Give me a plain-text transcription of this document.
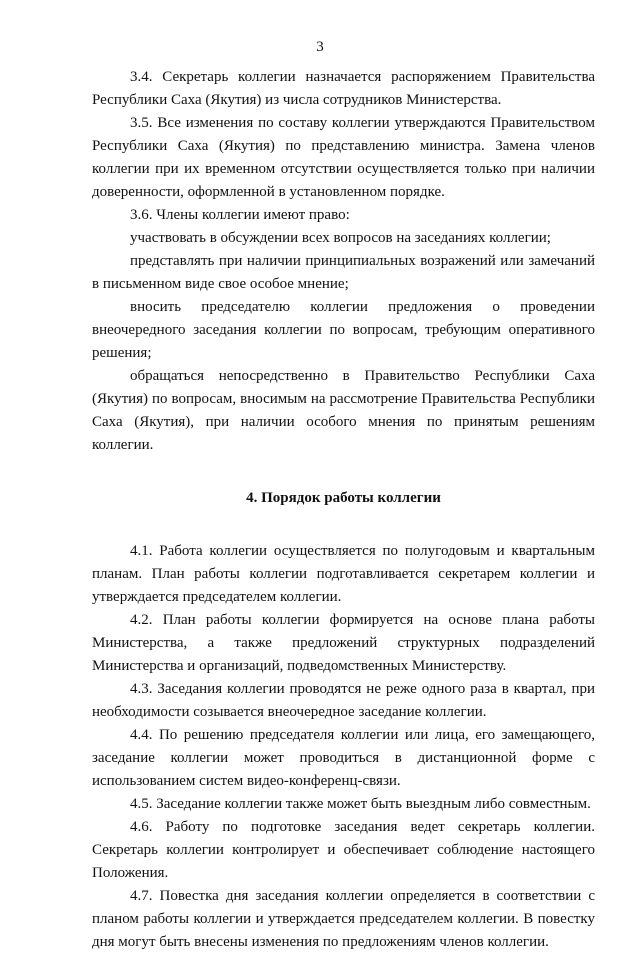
3

3.4. Секретарь коллегии назначается распоряжением Правительства Республики Саха (Якутия) из числа сотрудников Министерства.

3.5. Все изменения по составу коллегии утверждаются Правительством Республики Саха (Якутия) по представлению министра. Замена членов коллегии при их временном отсутствии осуществляется только при наличии доверенности, оформленной в установленном порядке.

3.6. Члены коллегии имеют право:

участвовать в обсуждении всех вопросов на заседаниях коллегии;

представлять при наличии принципиальных возражений или замечаний в письменном виде свое особое мнение;

вносить председателю коллегии предложения о проведении внеочередного заседания коллегии по вопросам, требующим оперативного решения;

обращаться непосредственно в Правительство Республики Саха (Якутия) по вопросам, вносимым на рассмотрение Правительства Республики Саха (Якутия), при наличии особого мнения по принятым решениям коллегии.

4. Порядок работы коллегии

4.1. Работа коллегии осуществляется по полугодовым и квартальным планам. План работы коллегии подготавливается секретарем коллегии и утверждается председателем коллегии.

4.2. План работы коллегии формируется на основе плана работы Министерства, а также предложений структурных подразделений Министерства и организаций, подведомственных Министерству.

4.3. Заседания коллегии проводятся не реже одного раза в квартал, при необходимости созывается внеочередное заседание коллегии.

4.4. По решению председателя коллегии или лица, его замещающего, заседание коллегии может проводиться в дистанционной форме с использованием систем видео-конференц-связи.

4.5. Заседание коллегии также может быть выездным либо совместным.

4.6. Работу по подготовке заседания ведет секретарь коллегии. Секретарь коллегии контролирует и обеспечивает соблюдение настоящего Положения.

4.7. Повестка дня заседания коллегии определяется в соответствии с планом работы коллегии и утверждается председателем коллегии. В повестку дня могут быть внесены изменения по предложениям членов коллегии.
